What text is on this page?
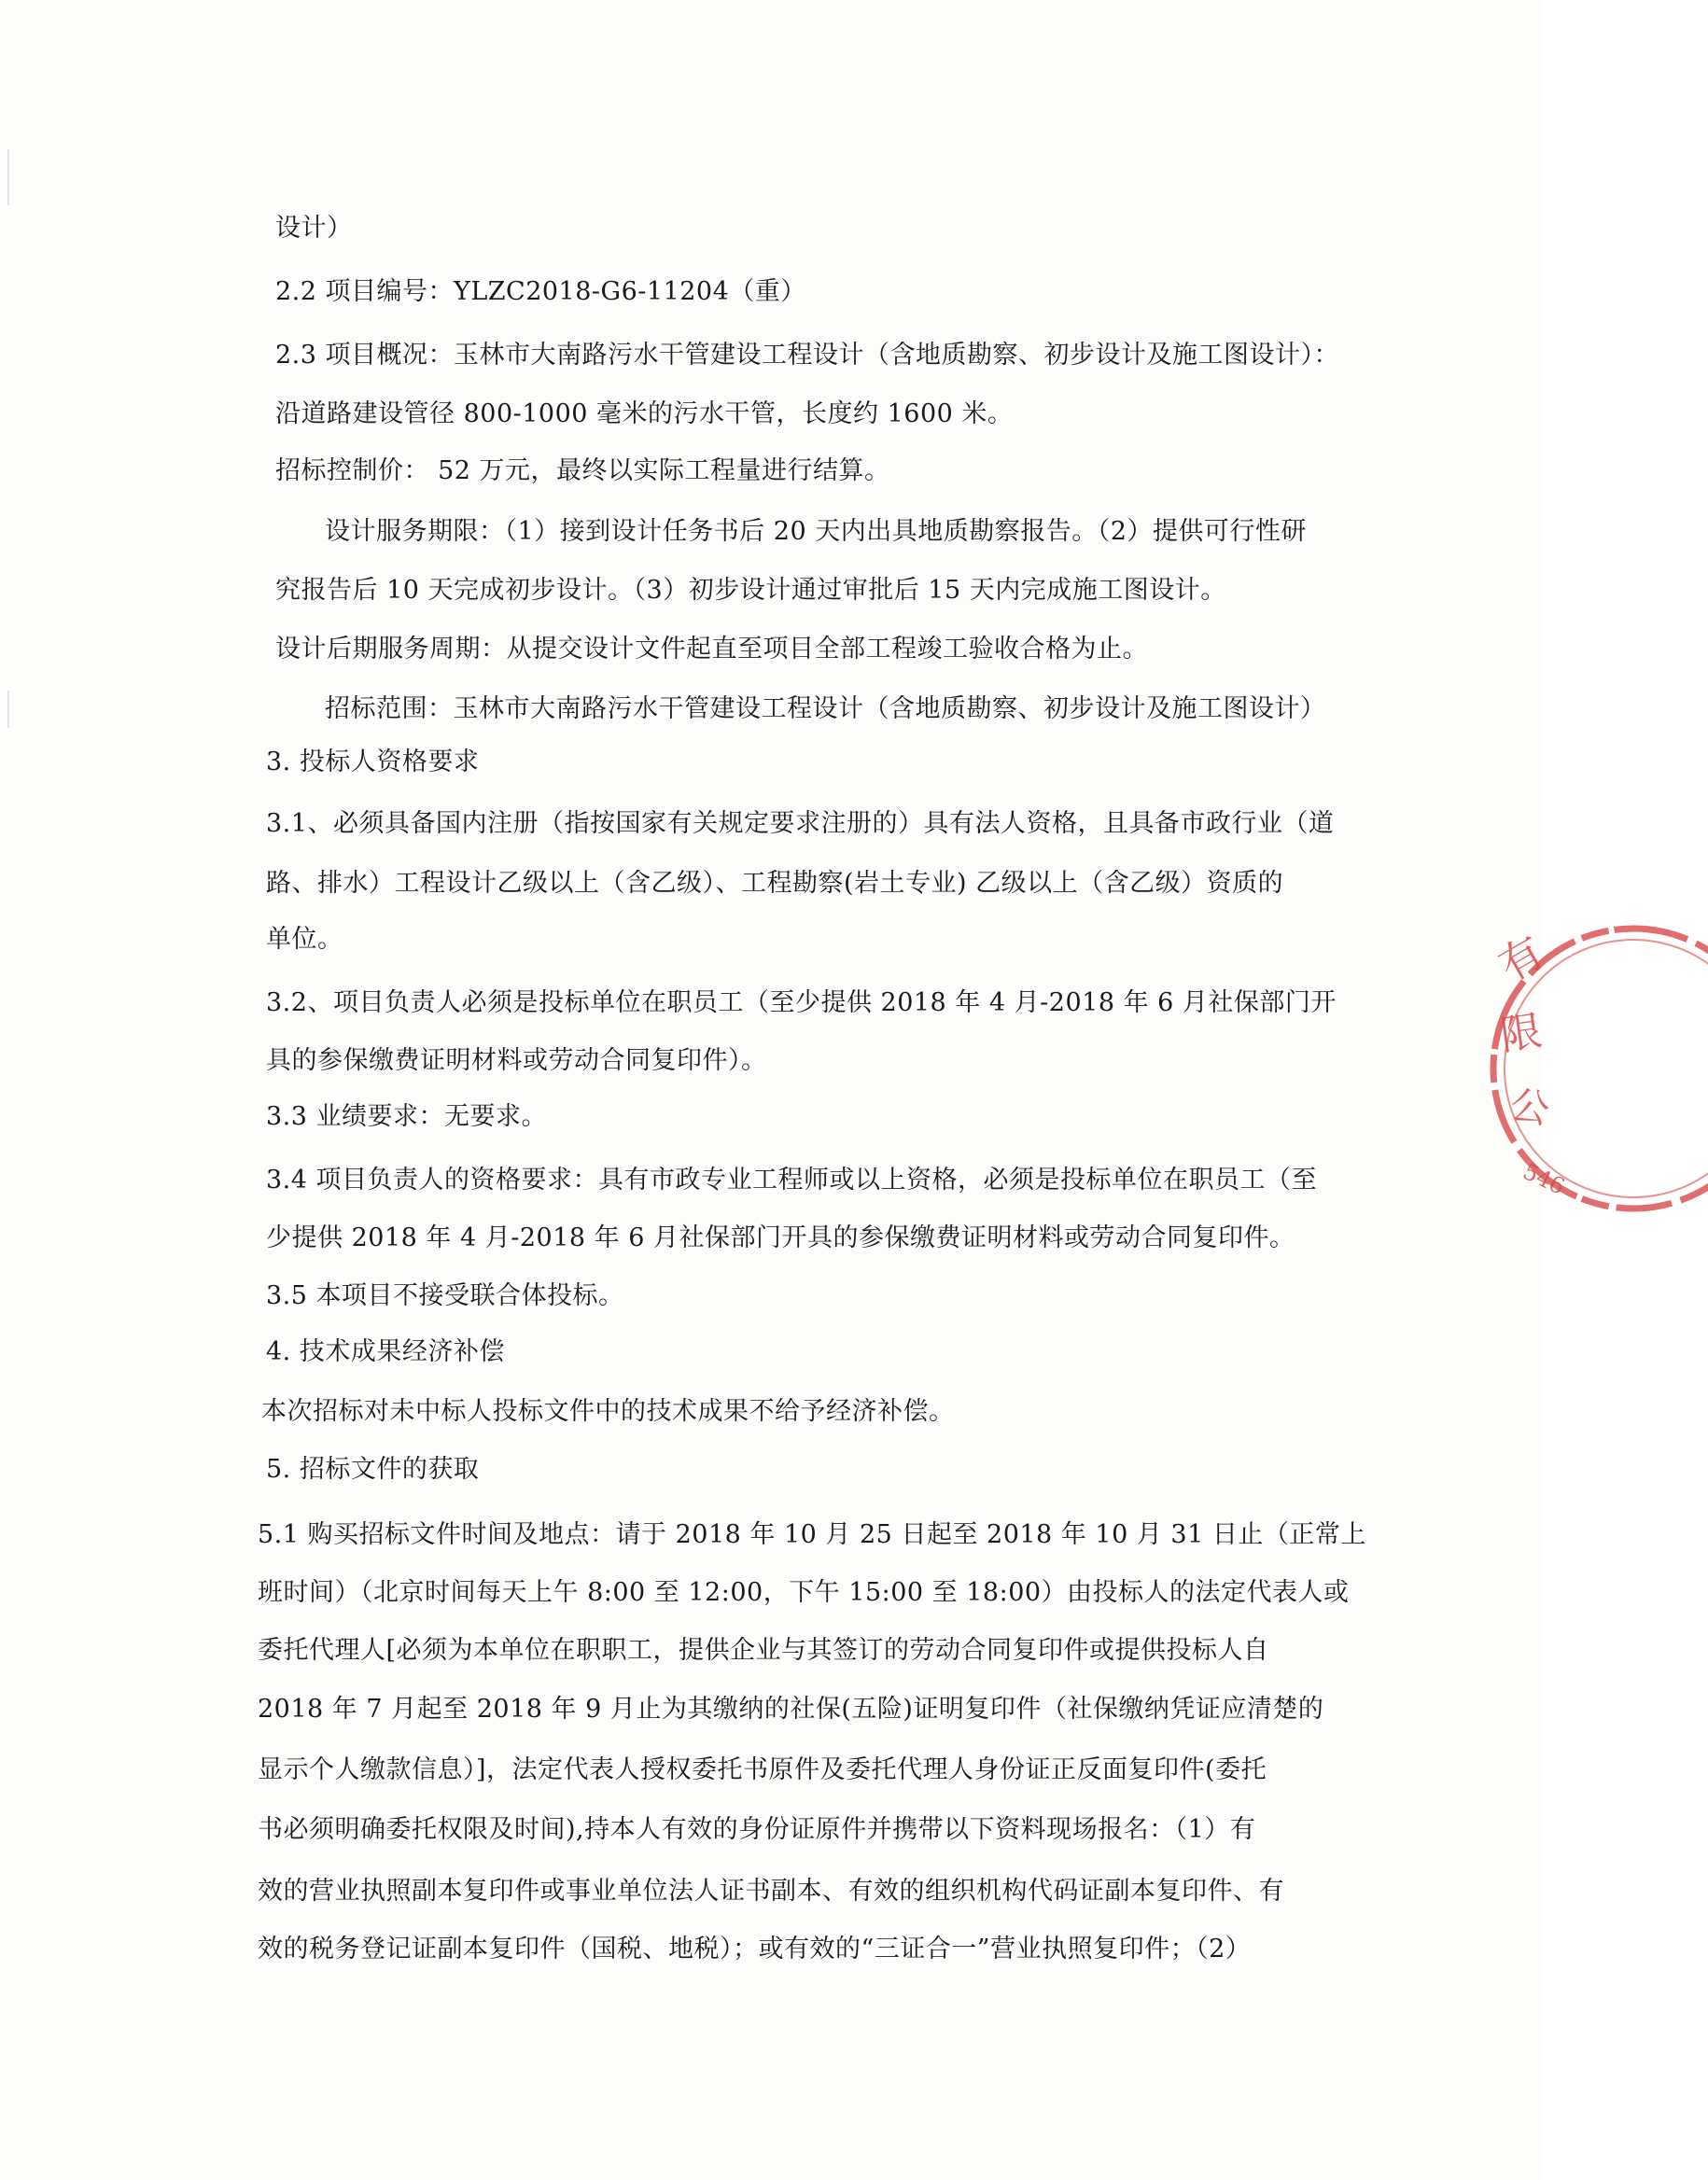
设计）
2.2 项目编号：YLZC2018-G6-11204（重）
2.3 项目概况：玉林市大南路污水干管建设工程设计（含地质勘察、初步设计及施工图设计）：
沿道路建设管径 800-1000 毫米的污水干管，长度约 1600 米。
招标控制价： 52 万元，最终以实际工程量进行结算。
设计服务期限：（1）接到设计任务书后 20 天内出具地质勘察报告。（2）提供可行性研
究报告后 10 天完成初步设计。（3）初步设计通过审批后 15 天内完成施工图设计。
设计后期服务周期：从提交设计文件起直至项目全部工程竣工验收合格为止。
招标范围：玉林市大南路污水干管建设工程设计（含地质勘察、初步设计及施工图设计）
3. 投标人资格要求
3.1、必须具备国内注册（指按国家有关规定要求注册的）具有法人资格，且具备市政行业（道
路、排水）工程设计乙级以上（含乙级）、工程勘察(岩土专业) 乙级以上（含乙级）资质的
单位。
3.2、项目负责人必须是投标单位在职员工（至少提供 2018 年 4 月-2018 年 6 月社保部门开
具的参保缴费证明材料或劳动合同复印件）。
3.3 业绩要求：无要求。
3.4 项目负责人的资格要求：具有市政专业工程师或以上资格，必须是投标单位在职员工（至
少提供 2018 年 4 月-2018 年 6 月社保部门开具的参保缴费证明材料或劳动合同复印件。
3.5 本项目不接受联合体投标。
4. 技术成果经济补偿
本次招标对未中标人投标文件中的技术成果不给予经济补偿。
5. 招标文件的获取
5.1 购买招标文件时间及地点：请于 2018 年 10 月 25 日起至 2018 年 10 月 31 日止（正常上
班时间）（北京时间每天上午 8:00 至 12:00，下午 15:00 至 18:00）由投标人的法定代表人或
委托代理人[必须为本单位在职职工，提供企业与其签订的劳动合同复印件或提供投标人自
2018 年 7 月起至 2018 年 9 月止为其缴纳的社保(五险)证明复印件（社保缴纳凭证应清楚的
显示个人缴款信息）]，法定代表人授权委托书原件及委托代理人身份证正反面复印件(委托
书必须明确委托权限及时间),持本人有效的身份证原件并携带以下资料现场报名：（1）有
效的营业执照副本复印件或事业单位法人证书副本、有效的组织机构代码证副本复印件、有
效的税务登记证副本复印件（国税、地税）；或有效的“三证合一”营业执照复印件；（2）
有
限
公
546
